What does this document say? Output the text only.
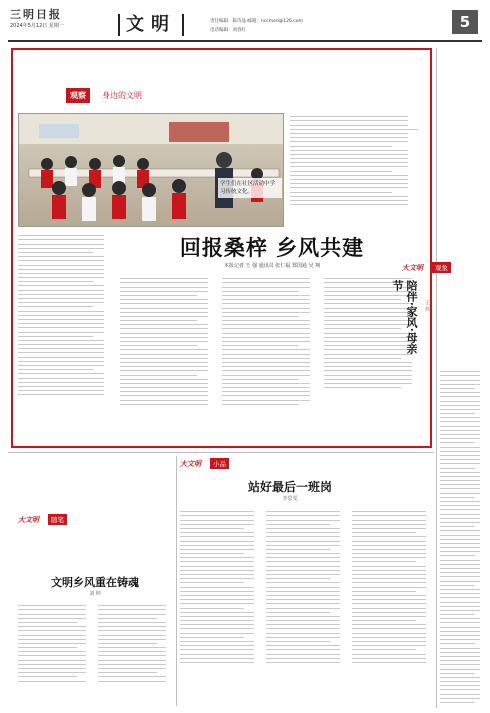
三明日报
2024年5月12日 星期一	文明	责任编辑：陈诗晶 邮箱：nccmed@126.com
电话编辑：刘春红	5
观察	身边的文明
学生们在社区活动中学习传统文化。
回报桑梓 乡风共建
本报记者 王 强 通讯员 张仁福 郑国通 吴 翔	大文明	观象
陪伴·家风·母亲节
王 伟
大文明	小品
站好最后一班岗
李思雯
大文明	随笔
文明乡风重在铸魂
刘 坤
